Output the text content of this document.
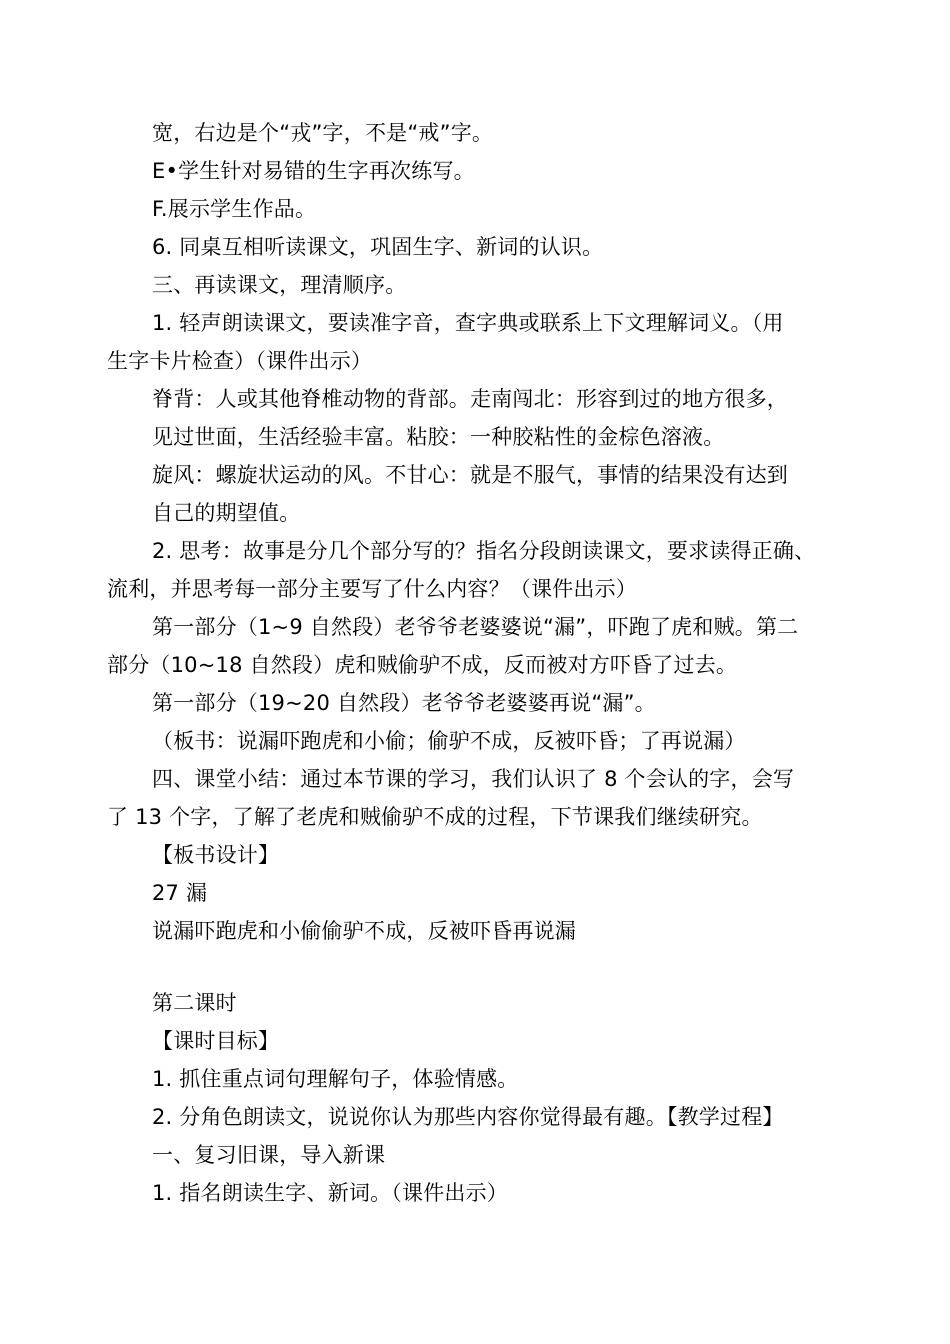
宽，右边是个“戎”字，不是“戒”字。
E•学生针对易错的生字再次练写。
F.展示学生作品。
6. 同桌互相听读课文，巩固生字、新词的认识。
三、再读课文，理清顺序。
1. 轻声朗读课文，要读准字音，查字典或联系上下文理解词义。（用
生字卡片检查）（课件出示）
脊背：人或其他脊椎动物的背部。走南闯北：形容到过的地方很多，
见过世面，生活经验丰富。粘胶：一种胶粘性的金棕色溶液。
旋风：螺旋状运动的风。不甘心：就是不服气，事情的结果没有达到
自己的期望值。
2. 思考：故事是分几个部分写的？指名分段朗读课文，要求读得正确、
流利，并思考每一部分主要写了什么内容？（课件出示）
第一部分（1~9 自然段）老爷爷老婆婆说“漏”，吓跑了虎和贼。第二
部分（10~18 自然段）虎和贼偷驴不成，反而被对方吓昏了过去。
第一部分（19~20 自然段）老爷爷老婆婆再说“漏”。
（板书：说漏吓跑虎和小偷；偷驴不成，反被吓昏；了再说漏）
四、课堂小结：通过本节课的学习，我们认识了 8 个会认的字，会写
了 13 个字，了解了老虎和贼偷驴不成的过程，下节课我们继续研究。
【板书设计】
27 漏
说漏吓跑虎和小偷偷驴不成，反被吓昏再说漏
第二课时
【课时目标】
1. 抓住重点词句理解句子，体验情感。
2. 分角色朗读文，说说你认为那些内容你觉得最有趣。【教学过程】
一、复习旧课，导入新课
1. 指名朗读生字、新词。（课件出示）
